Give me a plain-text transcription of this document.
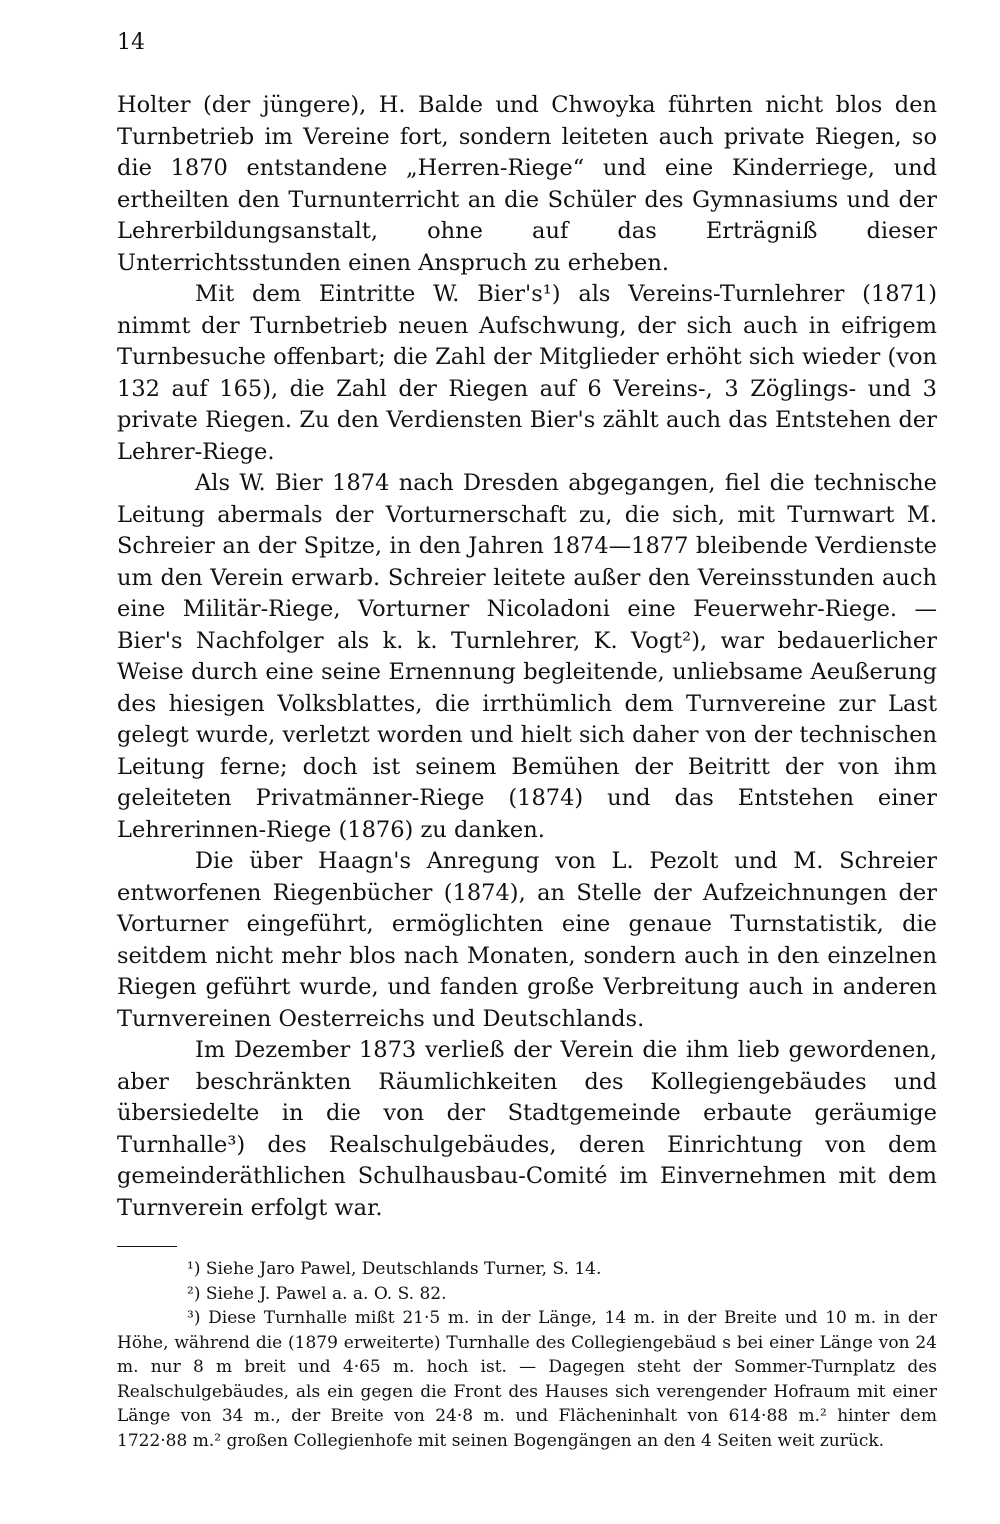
14

Holter (der jüngere), H. Balde und Chwoyka führten nicht blos den Turnbetrieb im Vereine fort, sondern leiteten auch private Riegen, so die 1870 entstandene „Herren-Riege“ und eine Kinderriege, und ertheilten den Turnunterricht an die Schüler des Gymnasiums und der Lehrerbildungsanstalt, ohne auf das Erträgniß dieser Unterrichtsstunden einen Anspruch zu erheben.

Mit dem Eintritte W. Bier's¹) als Vereins-Turnlehrer (1871) nimmt der Turnbetrieb neuen Aufschwung, der sich auch in eifrigem Turnbesuche offenbart; die Zahl der Mitglieder erhöht sich wieder (von 132 auf 165), die Zahl der Riegen auf 6 Vereins-, 3 Zöglings- und 3 private Riegen. Zu den Verdiensten Bier's zählt auch das Entstehen der Lehrer-Riege.

Als W. Bier 1874 nach Dresden abgegangen, fiel die technische Leitung abermals der Vorturnerschaft zu, die sich, mit Turnwart M. Schreier an der Spitze, in den Jahren 1874—1877 bleibende Verdienste um den Verein erwarb. Schreier leitete außer den Vereinsstunden auch eine Militär-Riege, Vorturner Nicoladoni eine Feuerwehr-Riege. — Bier's Nachfolger als k. k. Turnlehrer, K. Vogt²), war bedauerlicher Weise durch eine seine Ernennung begleitende, unliebsame Aeußerung des hiesigen Volksblattes, die irrthümlich dem Turnvereine zur Last gelegt wurde, verletzt worden und hielt sich daher von der technischen Leitung ferne; doch ist seinem Bemühen der Beitritt der von ihm geleiteten Privatmänner-Riege (1874) und das Entstehen einer Lehrerinnen-Riege (1876) zu danken.

Die über Haagn's Anregung von L. Pezolt und M. Schreier entworfenen Riegenbücher (1874), an Stelle der Aufzeichnungen der Vorturner eingeführt, ermöglichten eine genaue Turnstatistik, die seitdem nicht mehr blos nach Monaten, sondern auch in den einzelnen Riegen geführt wurde, und fanden große Verbreitung auch in anderen Turnvereinen Oesterreichs und Deutschlands.

Im Dezember 1873 verließ der Verein die ihm lieb gewordenen, aber beschränkten Räumlichkeiten des Kollegiengebäudes und übersiedelte in die von der Stadtgemeinde erbaute geräumige Turnhalle³) des Realschulgebäudes, deren Einrichtung von dem gemeinderäthlichen Schulhausbau-Comité im Einvernehmen mit dem Turnverein erfolgt war.

¹) Siehe Jaro Pawel, Deutschlands Turner, S. 14.

²) Siehe J. Pawel a. a. O. S. 82.

³) Diese Turnhalle mißt 21·5 m. in der Länge, 14 m. in der Breite und 10 m. in der Höhe, während die (1879 erweiterte) Turnhalle des Collegiengebäud s bei einer Länge von 24 m. nur 8 m breit und 4·65 m. hoch ist. — Dagegen steht der Sommer-Turnplatz des Realschulgebäudes, als ein gegen die Front des Hauses sich verengender Hofraum mit einer Länge von 34 m., der Breite von 24·8 m. und Flächeninhalt von 614·88 m.² hinter dem 1722·88 m.² großen Collegienhofe mit seinen Bogengängen an den 4 Seiten weit zurück.
